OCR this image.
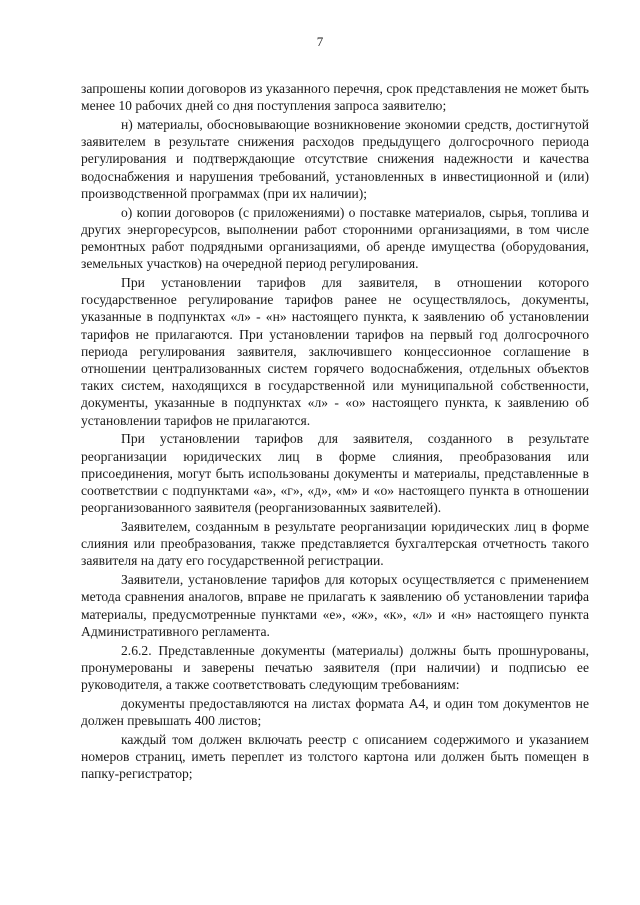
7

запрошены копии договоров из указанного перечня, срок представления не может быть менее 10 рабочих дней со дня поступления запроса заявителю;

н) материалы, обосновывающие возникновение экономии средств, достигнутой заявителем в результате снижения расходов предыдущего долгосрочного периода регулирования и подтверждающие отсутствие снижения надежности и качества водоснабжения и нарушения требований, установленных в инвестиционной и (или) производственной программах (при их наличии);

о) копии договоров (с приложениями) о поставке материалов, сырья, топлива и других энергоресурсов, выполнении работ сторонними организациями, в том числе ремонтных работ подрядными организациями, об аренде имущества (оборудования, земельных участков) на очередной период регулирования.

При установлении тарифов для заявителя, в отношении которого государственное регулирование тарифов ранее не осуществлялось, документы, указанные в подпунктах «л» - «н» настоящего пункта, к заявлению об установлении тарифов не прилагаются. При установлении тарифов на первый год долгосрочного периода регулирования заявителя, заключившего концессионное соглашение в отношении централизованных систем горячего водоснабжения, отдельных объектов таких систем, находящихся в государственной или муниципальной собственности, документы, указанные в подпунктах «л» - «о» настоящего пункта, к заявлению об установлении тарифов не прилагаются.

При установлении тарифов для заявителя, созданного в результате реорганизации юридических лиц в форме слияния, преобразования или присоединения, могут быть использованы документы и материалы, представленные в соответствии с подпунктами «а», «г», «д», «м» и «о» настоящего пункта в отношении реорганизованного заявителя (реорганизованных заявителей).

Заявителем, созданным в результате реорганизации юридических лиц в форме слияния или преобразования, также представляется бухгалтерская отчетность такого заявителя на дату его государственной регистрации.

Заявители, установление тарифов для которых осуществляется с применением метода сравнения аналогов, вправе не прилагать к заявлению об установлении тарифа материалы, предусмотренные пунктами «е», «ж», «к», «л» и «н» настоящего пункта Административного регламента.

2.6.2. Представленные документы (материалы) должны быть прошнурованы, пронумерованы и заверены печатью заявителя (при наличии) и подписью ее руководителя, а также соответствовать следующим требованиям:

документы предоставляются на листах формата А4, и один том документов не должен превышать 400 листов;

каждый том должен включать реестр с описанием содержимого и указанием номеров страниц, иметь переплет из толстого картона или должен быть помещен в папку-регистратор;
